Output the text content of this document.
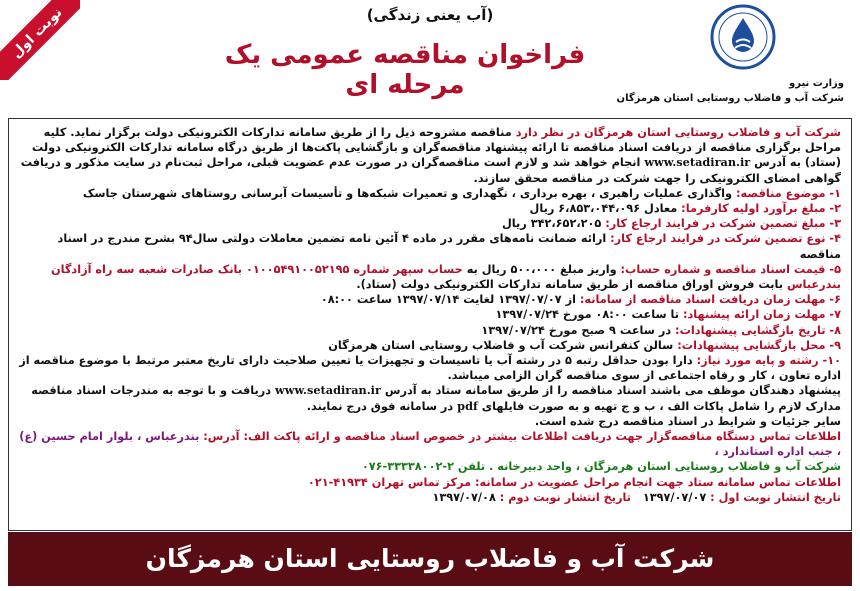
نوبت اول	(آب یعنی زندگی)
فراخوان مناقصه عمومی یک مرحله ای	وزارت نیرو
شرکت آب و فاضلاب روستایی استان هرمزگان

شرکت آب و فاضلاب روستایی استان هرمزگان در نظر دارد مناقصه مشروحه ذیل را از طریق سامانه تدارکات الکترونیکی دولت برگزار نماید. کلیه مراحل برگزاری مناقصه از دریافت اسناد مناقصه تا ارائه پیشنهاد مناقصه‌گران و بازگشایی پاکت‌ها از طریق درگاه سامانه تدارکات الکترونیکی دولت (ستاد) به آدرس www.setadiran.ir انجام خواهد شد و لازم است مناقصه‌گران در صورت عدم عضویت قبلی، مراحل ثبت‌نام در سایت مذکور و دریافت گواهی امضای الکترونیکی را جهت شرکت در مناقصه محقق سازند.

۱- موضوع مناقصه: واگذاری عملیات راهبری ، بهره برداری ، نگهداری و تعمیرات شبکه‌ها و تأسیسات آبرسانی روستاهای شهرستان جاسک

۲- مبلغ برآورد اولیه کارفرما: معادل ۶،۸۵۳،۰۴۴،۰۹۶ ریال

۳- مبلغ تضمین شرکت در فرایند ارجاع کار: ۳۴۲،۶۵۲،۲۰۵ ریال

۴- نوع تضمین شرکت در فرایند ارجاع کار: ارائه ضمانت نامه‌های مقرر در ماده ۴ آئین نامه تضمین معاملات دولتی سال۹۴ بشرح مندرج در اسناد مناقصه

۵- قیمت اسناد مناقصه و شماره حساب: واریز مبلغ ۵۰۰،۰۰۰ ریال به حساب سپهر شماره ۰۱۰۰۵۴۹۱۰۰۵۲۱۹۵ بانک صادرات شعبه سه راه آزادگان بندرعباس بابت فروش اوراق مناقصه از طریق سامانه تدارکات الکترونیکی دولت (ستاد).

۶- مهلت زمان دریافت اسناد مناقصه از سامانه: از ۱۳۹۷/۰۷/۰۷ لغایت ۱۳۹۷/۰۷/۱۴ ساعت ۰۸:۰۰

۷- مهلت زمان ارائه پیشنهاد: تا ساعت ۰۸:۰۰ مورخ ۱۳۹۷/۰۷/۲۴

۸- تاریخ بازگشایی پیشنهادات: در ساعت ۹ صبح مورخ ۱۳۹۷/۰۷/۲۴

۹- محل بازگشایی پیشنهادات: سالن کنفرانس شرکت آب و فاضلاب روستایی استان هرمزگان

۱۰- رشته و پایه مورد نیاز: دارا بودن حداقل رتبه ۵ در رشته آب یا تاسیسات و تجهیزات یا تعیین صلاحیت دارای تاریخ معتبر مرتبط با موضوع مناقصه از اداره تعاون ، کار و رفاه اجتماعی از سوی مناقصه گران الزامی میباشد.

پیشنهاد دهندگان موظف می باشند اسناد مناقصه را از طریق سامانه ستاد به آدرس www.setadiran.ir دریافت و با توجه به مندرجات اسناد مناقصه مدارک لازم را شامل پاکات الف ، ب و ج تهیه و به صورت فایلهای pdf در سامانه فوق درج نمایند.

سایر جزئیات و شرایط در اسناد مناقصه درج شده است.

اطلاعات تماس دستگاه مناقصه‌گزار جهت دریافت اطلاعات بیشتر در خصوص اسناد مناقصه و ارائه پاکت الف: آدرس: بندرعباس ، بلوار امام حسین (ع) ، جنب اداره استاندارد ،

شرکت آب و فاضلاب روستایی استان هرمزگان ، واحد دبیرخانه . تلفن ۲-۳۳۳۳۸۰۰۲-۰۷۶

اطلاعات تماس سامانه ستاد جهت انجام مراحل عضویت در سامانه: مرکز تماس تهران ۴۱۹۳۴-۰۲۱

تاریخ انتشار نوبت اول : ۱۳۹۷/۰۷/۰۷   تاریخ انتشار نوبت دوم : ۱۳۹۷/۰۷/۰۸

شرکت آب و فاضلاب روستایی استان هرمزگان
